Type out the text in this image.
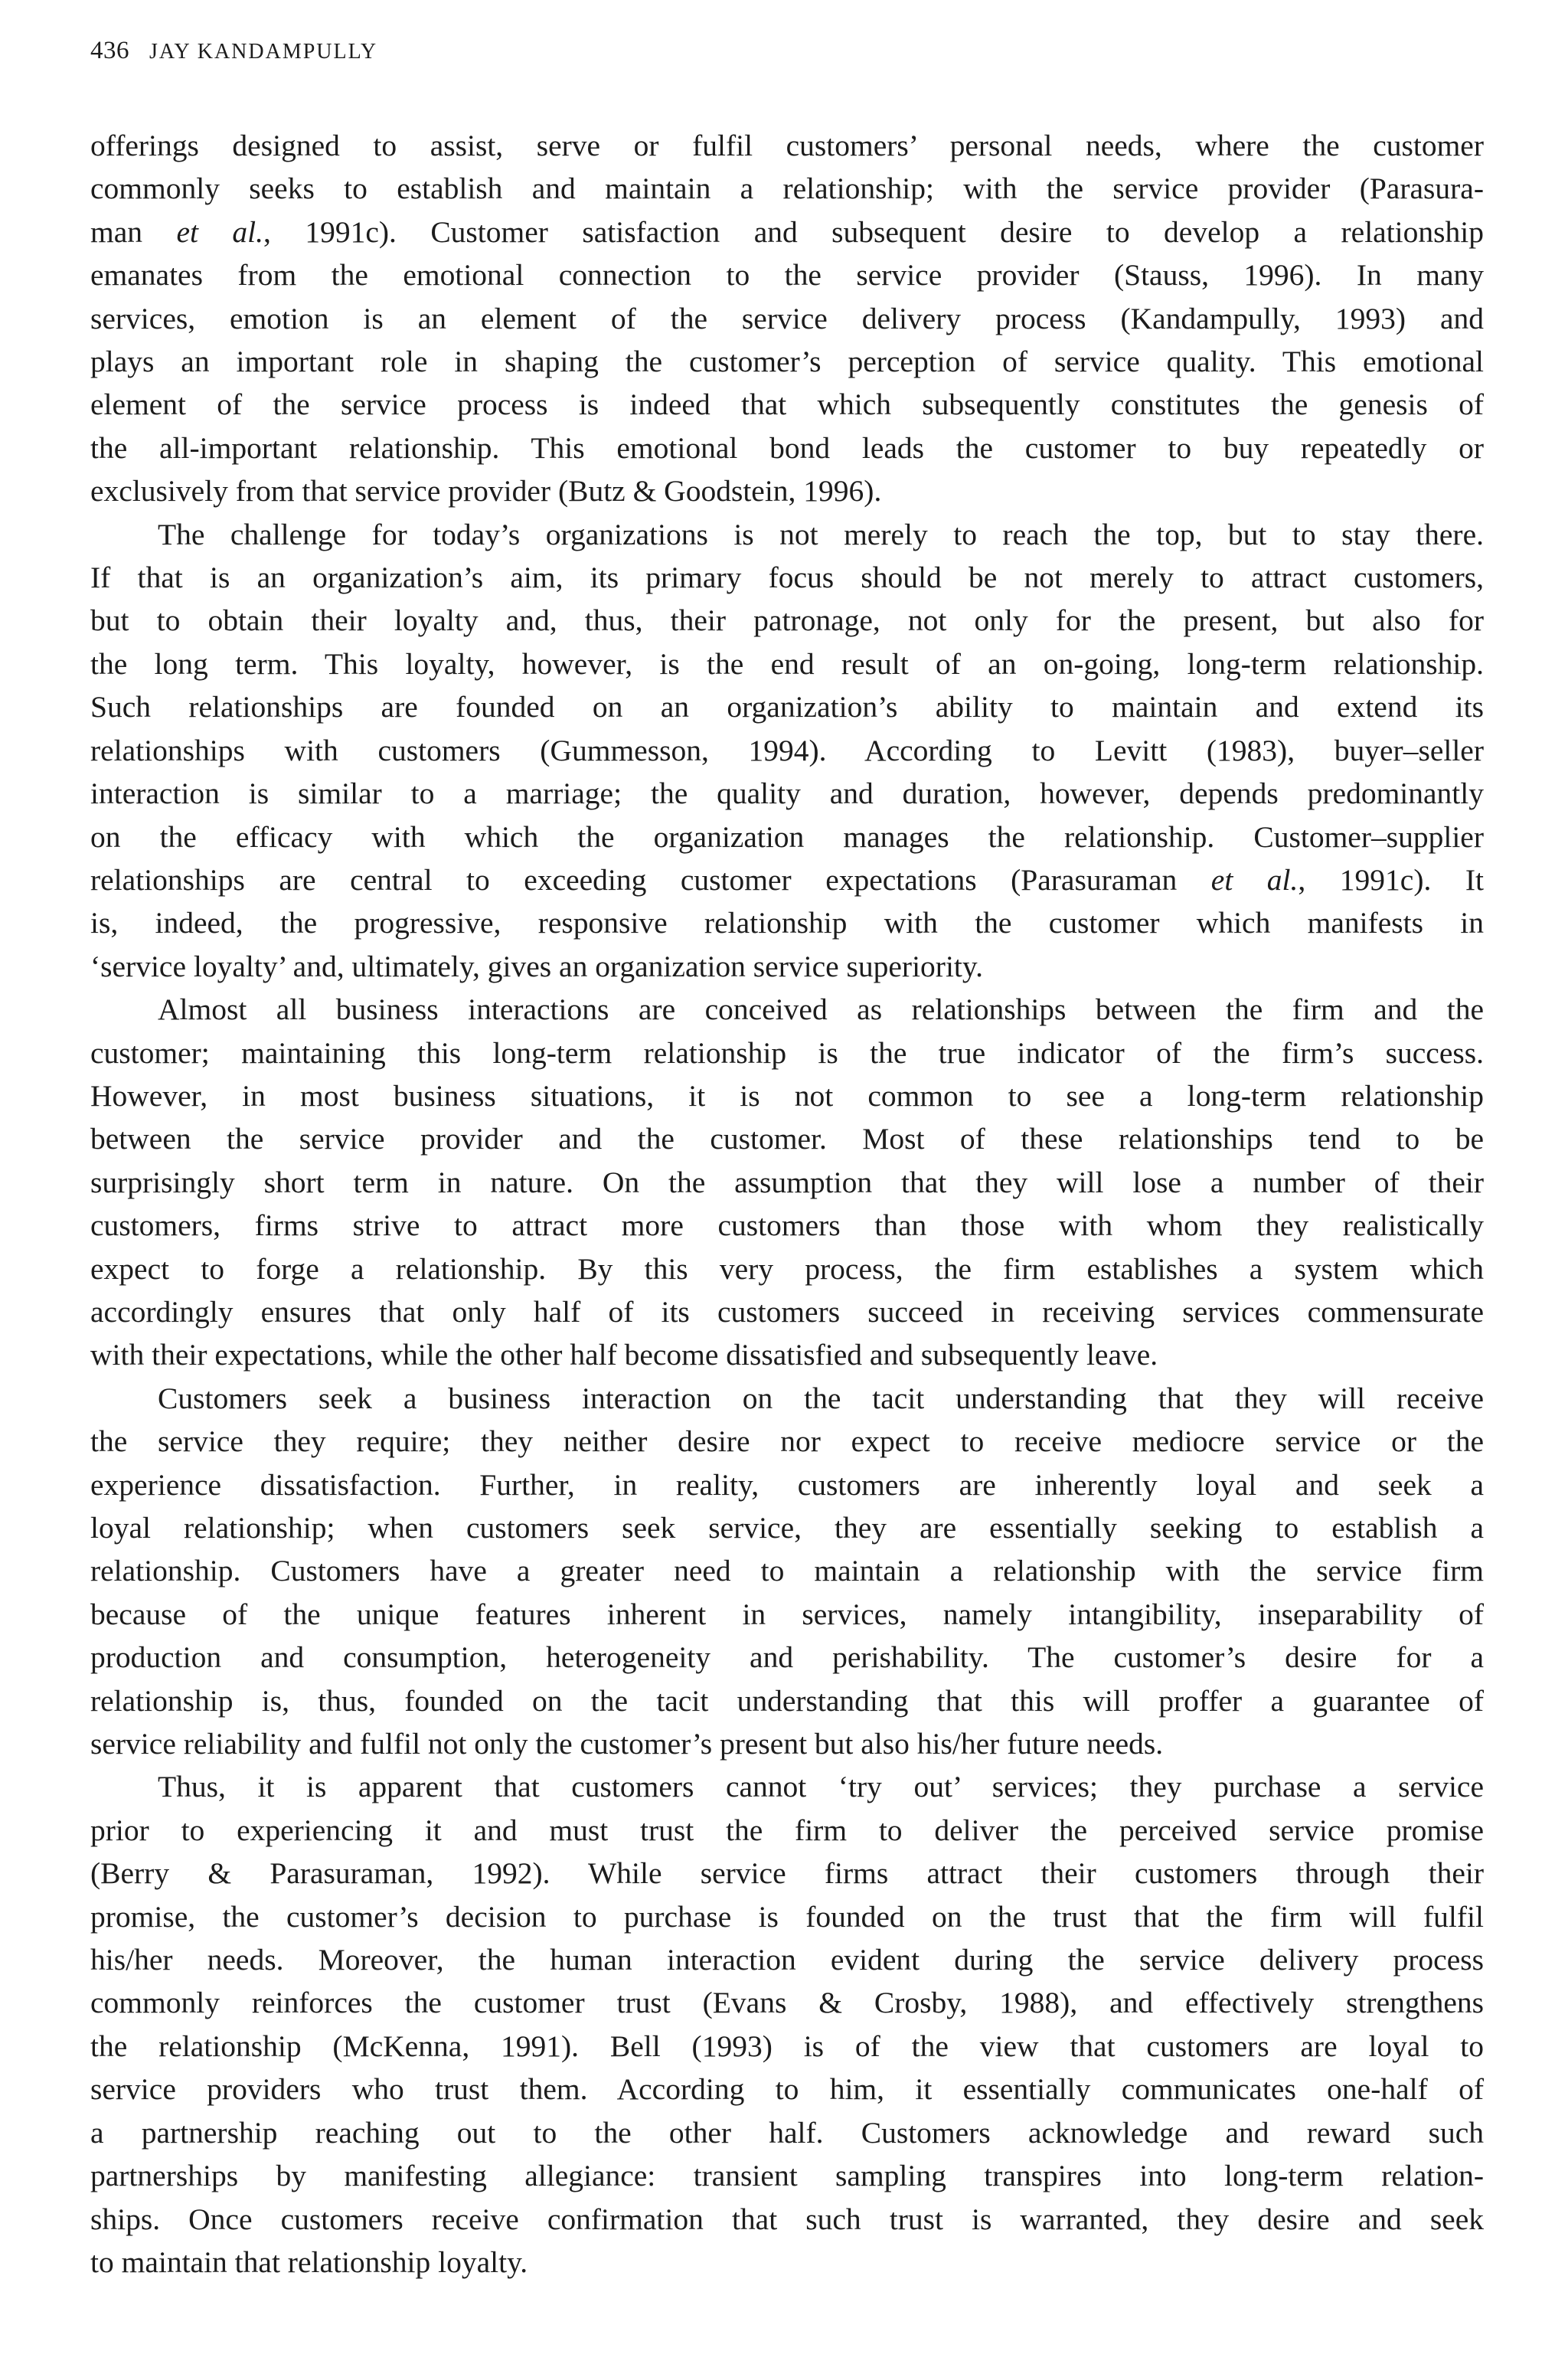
436 JAY KANDAMPULLY

offerings designed to assist, serve or fulfil customers’ personal needs, where the customer
commonly seeks to establish and maintain a relationship; with the service provider (Parasura-
man et al., 1991c). Customer satisfaction and subsequent desire to develop a relationship
emanates from the emotional connection to the service provider (Stauss, 1996). In many
services, emotion is an element of the service delivery process (Kandampully, 1993) and
plays an important role in shaping the customer’s perception of service quality. This emotional
element of the service process is indeed that which subsequently constitutes the genesis of
the all-important relationship. This emotional bond leads the customer to buy repeatedly or
exclusively from that service provider (Butz & Goodstein, 1996).

The challenge for today’s organizations is not merely to reach the top, but to stay there.
If that is an organization’s aim, its primary focus should be not merely to attract customers,
but to obtain their loyalty and, thus, their patronage, not only for the present, but also for
the long term. This loyalty, however, is the end result of an on-going, long-term relationship.
Such relationships are founded on an organization’s ability to maintain and extend its
relationships with customers (Gummesson, 1994). According to Levitt (1983), buyer–seller
interaction is similar to a marriage; the quality and duration, however, depends predominantly
on the efficacy with which the organization manages the relationship. Customer–supplier
relationships are central to exceeding customer expectations (Parasuraman et al., 1991c). It
is, indeed, the progressive, responsive relationship with the customer which manifests in
‘service loyalty’ and, ultimately, gives an organization service superiority.

Almost all business interactions are conceived as relationships between the firm and the
customer; maintaining this long-term relationship is the true indicator of the firm’s success.
However, in most business situations, it is not common to see a long-term relationship
between the service provider and the customer. Most of these relationships tend to be
surprisingly short term in nature. On the assumption that they will lose a number of their
customers, firms strive to attract more customers than those with whom they realistically
expect to forge a relationship. By this very process, the firm establishes a system which
accordingly ensures that only half of its customers succeed in receiving services commensurate
with their expectations, while the other half become dissatisfied and subsequently leave.

Customers seek a business interaction on the tacit understanding that they will receive
the service they require; they neither desire nor expect to receive mediocre service or the
experience dissatisfaction. Further, in reality, customers are inherently loyal and seek a
loyal relationship; when customers seek service, they are essentially seeking to establish a
relationship. Customers have a greater need to maintain a relationship with the service firm
because of the unique features inherent in services, namely intangibility, inseparability of
production and consumption, heterogeneity and perishability. The customer’s desire for a
relationship is, thus, founded on the tacit understanding that this will proffer a guarantee of
service reliability and fulfil not only the customer’s present but also his/her future needs.

Thus, it is apparent that customers cannot ‘try out’ services; they purchase a service
prior to experiencing it and must trust the firm to deliver the perceived service promise
(Berry & Parasuraman, 1992). While service firms attract their customers through their
promise, the customer’s decision to purchase is founded on the trust that the firm will fulfil
his/her needs. Moreover, the human interaction evident during the service delivery process
commonly reinforces the customer trust (Evans & Crosby, 1988), and effectively strengthens
the relationship (McKenna, 1991). Bell (1993) is of the view that customers are loyal to
service providers who trust them. According to him, it essentially communicates one-half of
a partnership reaching out to the other half. Customers acknowledge and reward such
partnerships by manifesting allegiance: transient sampling transpires into long-term relation-
ships. Once customers receive confirmation that such trust is warranted, they desire and seek
to maintain that relationship loyalty.
